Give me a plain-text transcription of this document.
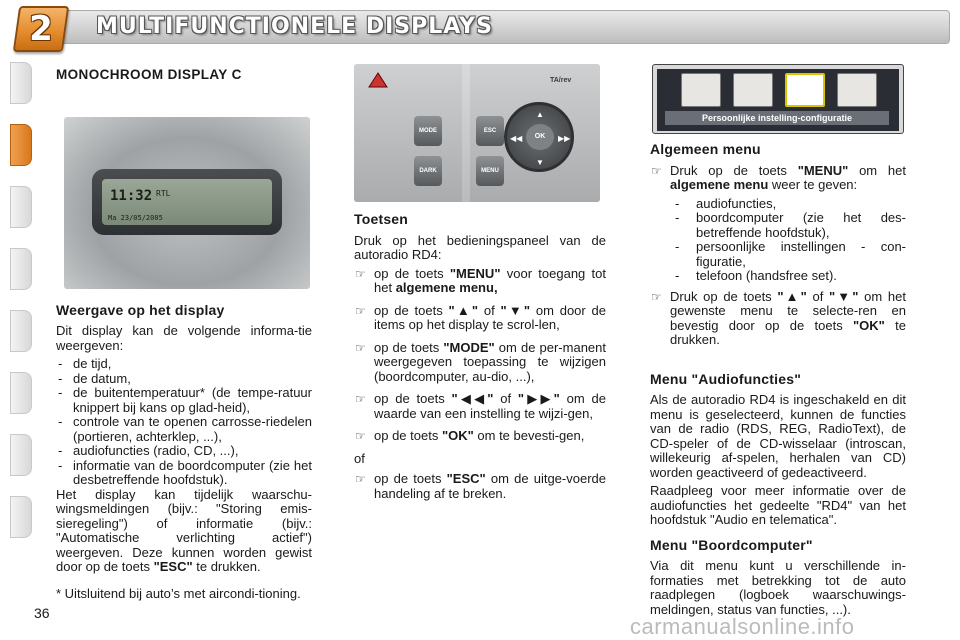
2	MULTIFUNCTIONELE DISPLAYS
MONOCHROOM DISPLAY C
11:32 RTL
Ma 23/05/2005
Weergave op het display

Dit display kan de volgende informa-tie weergeven:

- de tijd,
- de datum,
- de buitentemperatuur* (de tempe-ratuur knippert bij kans op glad-heid),
- controle van te openen carrosse-riedelen (portieren, achterklep, ...),
- audiofuncties (radio, CD, ...),
- informatie van de boordcomputer (zie het desbetreffende hoofdstuk).

Het display kan tijdelijk waarschu-wingsmeldingen (bijv.: "Storing emis-sieregeling") of informatie (bijv.: "Automatische verlichting actief") weergeven. Deze kunnen worden gewist door op de toets "ESC" te drukken.

* Uitsluitend bij auto’s met aircondi-tioning.

MODE
DARK
ESC
MENU
OK
▲
▼
◀◀	▶▶
TA/rev
Toetsen

Druk op het bedieningspaneel van de autoradio RD4:

☞ op de toets "MENU" voor toegang tot het algemene menu,
☞ op de toets "▲" of "▼" om door de items op het display te scrol-len,
☞ op de toets "MODE" om de per-manent weergegeven toepassing te wijzigen (boordcomputer, au-dio, ...),
☞ op de toets "◀◀" of "▶▶" om de waarde van een instelling te wijzi-gen,
☞ op de toets "OK" om te bevesti-gen,

of

☞ op de toets "ESC" om de uitge-voerde handeling af te breken.
Persoonlijke instelling-configuratie
Algemeen menu
☞ Druk op de toets "MENU" om het algemene menu weer te geven:
- audiofuncties,
- boordcomputer (zie het des-betreffende hoofdstuk),
- persoonlijke instellingen - con-figuratie,
- telefoon (handsfree set).
☞ Druk op de toets "▲" of "▼" om het gewenste menu te selecte-ren en bevestig door op de toets "OK" te drukken.
Menu "Audiofuncties"

Als de autoradio RD4 is ingeschakeld en dit menu is geselecteerd, kunnen de functies van de radio (RDS, REG, RadioText), de CD-speler of de CD-wisselaar (introscan, willekeurig af-spelen, herhalen van CD) worden geactiveerd of gedeactiveerd.

Raadpleeg voor meer informatie over de audiofuncties het gedeelte "RD4" van het hoofdstuk "Audio en telematica".

Menu "Boordcomputer"

Via dit menu kunt u verschillende in-formaties met betrekking tot de auto raadplegen (logboek waarschuwings-meldingen, status van functies, ...).

36
carmanualsonline.info
